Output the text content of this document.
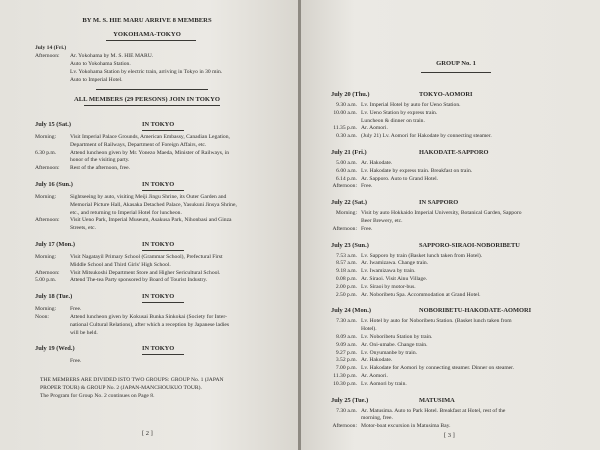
BY M. S. HIE MARU ARRIVE 8 MEMBERS
YOKOHAMA-TOKYO
July 14 (Fri.)
Afternoon: Ar. Yokohama by M. S. HIE MARU.
Auto to Yokohama Station.
Lv. Yokohama Station by electric train, arriving in Tokyo in 30 min.
Auto to Imperial Hotel.
ALL MEMBERS (29 PERSONS) JOIN IN TOKYO
July 15 (Sat.)	IN TOKYO
Morning: Visit Imperial Palace Grounds, American Embassy, Canadian Legation,
Department of Railways, Department of Foreign Affairs, etc.
6.30 p.m. Attend luncheon given by Mr. Yonezo Maeda, Minister of Railways, in
honor of the visiting party.
Afternoon: Rest of the afternoon, free.
July 16 (Sun.)	IN TOKYO
Morning: Sightseeing by auto, visiting Meiji Jingu Shrine, its Outer Garden and
Memorial Picture Hall, Akasaka Detached Palace, Yasukuni Jinsya Shrine,
etc., and returning to Imperial Hotel for luncheon.
Afternoon: Visit Ueno Park, Imperial Museum, Asakusa Park, Nihonbasi and Ginza
Streets, etc.
July 17 (Mon.)	IN TOKYO
Morning: Visit Nagatayil Primary School (Grammar School), Prefectural First
Middle School and Third Girls' High School.
Afternoon: Visit Mitsukoshi Department Store and Higher Sericultural School.
5.00 p.m. Attend The-tea Party sponsored by Board of Tourist Industry.
July 18 (Tue.)	IN TOKYO
Morning: Free.
Noon:	Attend luncheon given by Kokusai Bunka Sinkokai (Society for Inter-
national Cultural Relations), after which a reception by Japanese ladies
will be held.
July 19 (Wed.)	IN TOKYO
Free.
THE MEMBERS ARE DIVIDED ISTO TWO GROUPS: GROUP No. 1 (JAPAN
PROPER TOUR) & GROUP No. 2 (JAPAN-MANCHOUKUO TOUR).
The Program for Group No. 2 continues on Page 8.
[ 2 ]
GROUP No. 1
July 20 (Thu.)	TOKYO-AOMORI
9.30 a.m. Lv. Imperial Hotel by auto for Ueno Station.
10.00 a.m. Lv. Ueno Station by express train.
Luncheon & dinner on train.
11.35 p.m. Ar. Aomori.
0.30 a.m. (July 21) Lv. Aomori for Hakodate by connecting steamer.
July 21 (Fri.)	HAKODATE-SAPPORO
5.00 a.m. Ar. Hakodate.
6.00 a.m. Lv. Hakodate by express train. Breakfast on train.
6.14 p.m. Ar. Sapporo. Auto to Grand Hotel.
Afternoon: Free.
July 22 (Sat.)	IN SAPPORO
Morning: Visit by auto Hokkaido Imperial University, Botanical Garden, Sapporo
Beer Brewery, etc.
Afternoon: Free.
July 23 (Sun.)	SAPPORO-SIRAOI-NOBORIBETU
7.53 a.m. Lv. Sapporo by train (Basket lunch taken from Hotel).
8.57 a.m. Ar. Iwamizawa. Change train.
9.18 a.m. Lv. Iwamizawa by train.
0.08 p.m. Ar. Siraoi. Visit Ainu Village.
2.00 p.m. Lv. Siraoi by motor-bus.
2.50 p.m. Ar. Noboribetu Spa. Accommodation at Grand Hotel.
July 24 (Mon.)	NOBORIBETU-HAKODATE-AOMORI
7.30 a.m. Lv. Hotel by auto for Noboribetu Station. (Basket lunch taken from
Hotel).
8.09 a.m. Lv. Noboribetu Station by train.
9.09 a.m. Ar. Oni-umabe. Change train.
9.27 p.m. Lv. Onyumanbe by train.
3.52 p.m. Ar. Hakodate.
7.00 p.m. Lv. Hakodate for Aomori by connecting steamer. Dinner on steamer.
11.30 p.m. Ar. Aomori.
10.30 p.m. Lv. Aomori by train.
July 25 (Tue.)	MATUSIMA
7.30 a.m. Ar. Matusima. Auto to Park Hotel. Breakfast at Hotel, rest of the
morning, free.
Afternoon: Motor-boat excursion in Matusima Bay.
[ 3 ]
